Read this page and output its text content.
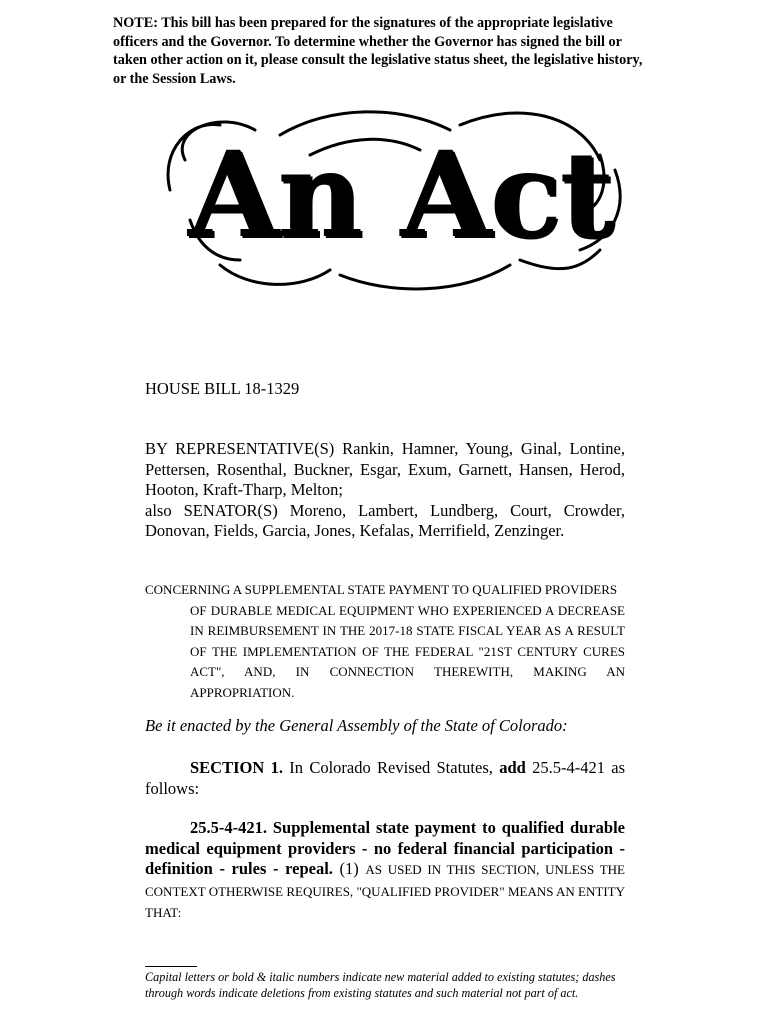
NOTE: This bill has been prepared for the signatures of the appropriate legislative officers and the Governor. To determine whether the Governor has signed the bill or taken other action on it, please consult the legislative status sheet, the legislative history, or the Session Laws.
An Act
HOUSE BILL 18-1329

BY REPRESENTATIVE(S) Rankin, Hamner, Young, Ginal, Lontine, Pettersen, Rosenthal, Buckner, Esgar, Exum, Garnett, Hansen, Herod, Hooton, Kraft-Tharp, Melton;

also SENATOR(S) Moreno, Lambert, Lundberg, Court, Crowder, Donovan, Fields, Garcia, Jones, Kefalas, Merrifield, Zenzinger.

CONCERNING A SUPPLEMENTAL STATE PAYMENT TO QUALIFIED PROVIDERS
OF DURABLE MEDICAL EQUIPMENT WHO EXPERIENCED A DECREASE IN REIMBURSEMENT IN THE 2017-18 STATE FISCAL YEAR AS A RESULT OF THE IMPLEMENTATION OF THE FEDERAL "21ST CENTURY CURES ACT", AND, IN CONNECTION THEREWITH, MAKING AN APPROPRIATION.
Be it enacted by the General Assembly of the State of Colorado:
SECTION 1. In Colorado Revised Statutes, add 25.5-4-421 as follows:
25.5-4-421. Supplemental state payment to qualified durable medical equipment providers - no federal financial participation - definition - rules - repeal. (1) AS USED IN THIS SECTION, UNLESS THE CONTEXT OTHERWISE REQUIRES, "QUALIFIED PROVIDER" MEANS AN ENTITY THAT:
Capital letters or bold & italic numbers indicate new material added to existing statutes; dashes through words indicate deletions from existing statutes and such material not part of act.
